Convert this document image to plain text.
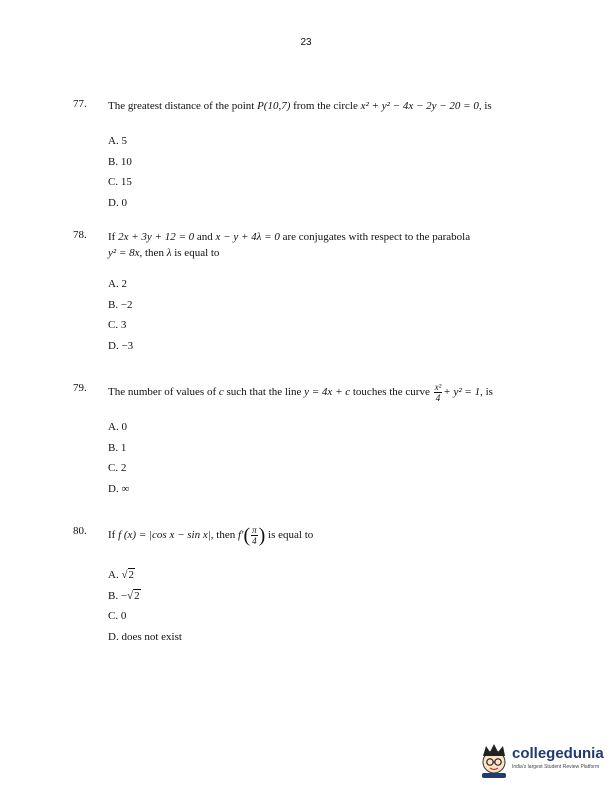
23
77. The greatest distance of the point P(10,7) from the circle x² + y² − 4x − 2y − 20 = 0, is
A. 5
B. 10
C. 15
D. 0
78. If 2x + 3y + 12 = 0 and x − y + 4λ = 0 are conjugates with respect to the parabola
y² = 8x, then λ is equal to
A. 2
B. −2
C. 3
D. −3
79. The number of values of c such that the line y = 4x + c touches the curve $\frac{\text{x²}}{4} + y^2 = 1$, is
A. 0
B. 1
C. 2
D. ∞
80. If f (x) = |cos x − sin x|, then $f'( \frac{\pi}{4}$ ) is equal to
A. √2
B. −√2
C. 0
D. does not exist
collegedunia
India's largest Student Review Platform
